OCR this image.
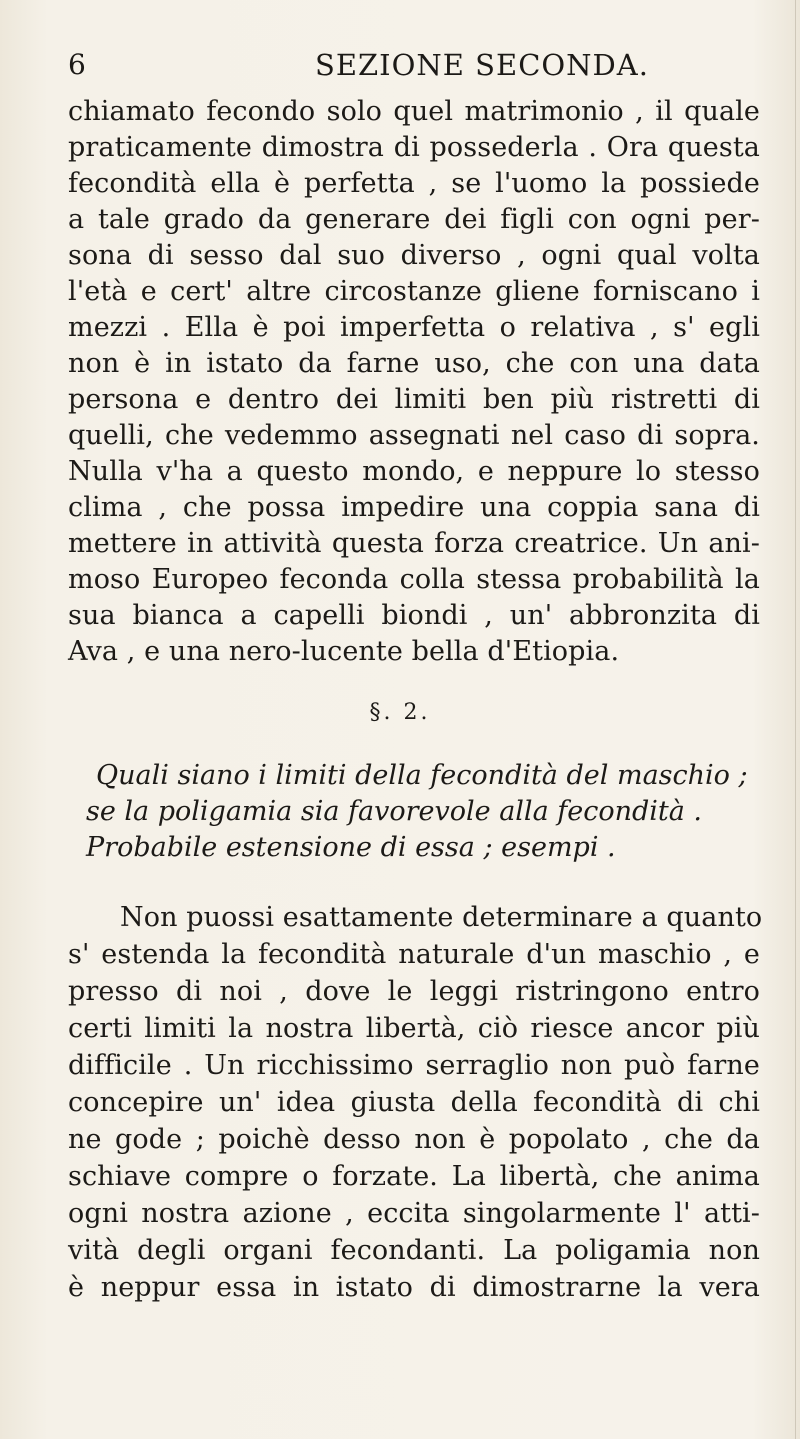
6	SEZIONE SECONDA.
chiamato fecondo solo quel matrimonio , il quale
praticamente dimostra di possederla . Ora questa
fecondità ella è perfetta , se l'uomo la possiede
a tale grado da generare dei figli con ogni per-
sona di sesso dal suo diverso , ogni qual volta
l'età e cert' altre circostanze gliene forniscano i
mezzi . Ella è poi imperfetta o relativa , s' egli
non è in istato da farne uso, che con una data
persona e dentro dei limiti ben più ristretti di
quelli, che vedemmo assegnati nel caso di sopra.
Nulla v'ha a questo mondo, e neppure lo stesso
clima , che possa impedire una coppia sana di
mettere in attività questa forza creatrice. Un ani-
moso Europeo feconda colla stessa probabilità la
sua bianca a capelli biondi , un' abbronzita di
Ava , e una nero-lucente bella d'Etiopia.
§. 2.
Quali siano i limiti della fecondità del maschio ;
se la poligamia sia favorevole alla fecondità .
Probabile estensione di essa ; esempi .
Non puossi esattamente determinare a quanto
s' estenda la fecondità naturale d'un maschio , e
presso di noi , dove le leggi ristringono entro
certi limiti la nostra libertà, ciò riesce ancor più
difficile . Un ricchissimo serraglio non può farne
concepire un' idea giusta della fecondità di chi
ne gode ; poichè desso non è popolato , che da
schiave compre o forzate. La libertà, che anima
ogni nostra azione , eccita singolarmente l' atti-
vità degli organi fecondanti. La poligamia non
è neppur essa in istato di dimostrarne la vera
